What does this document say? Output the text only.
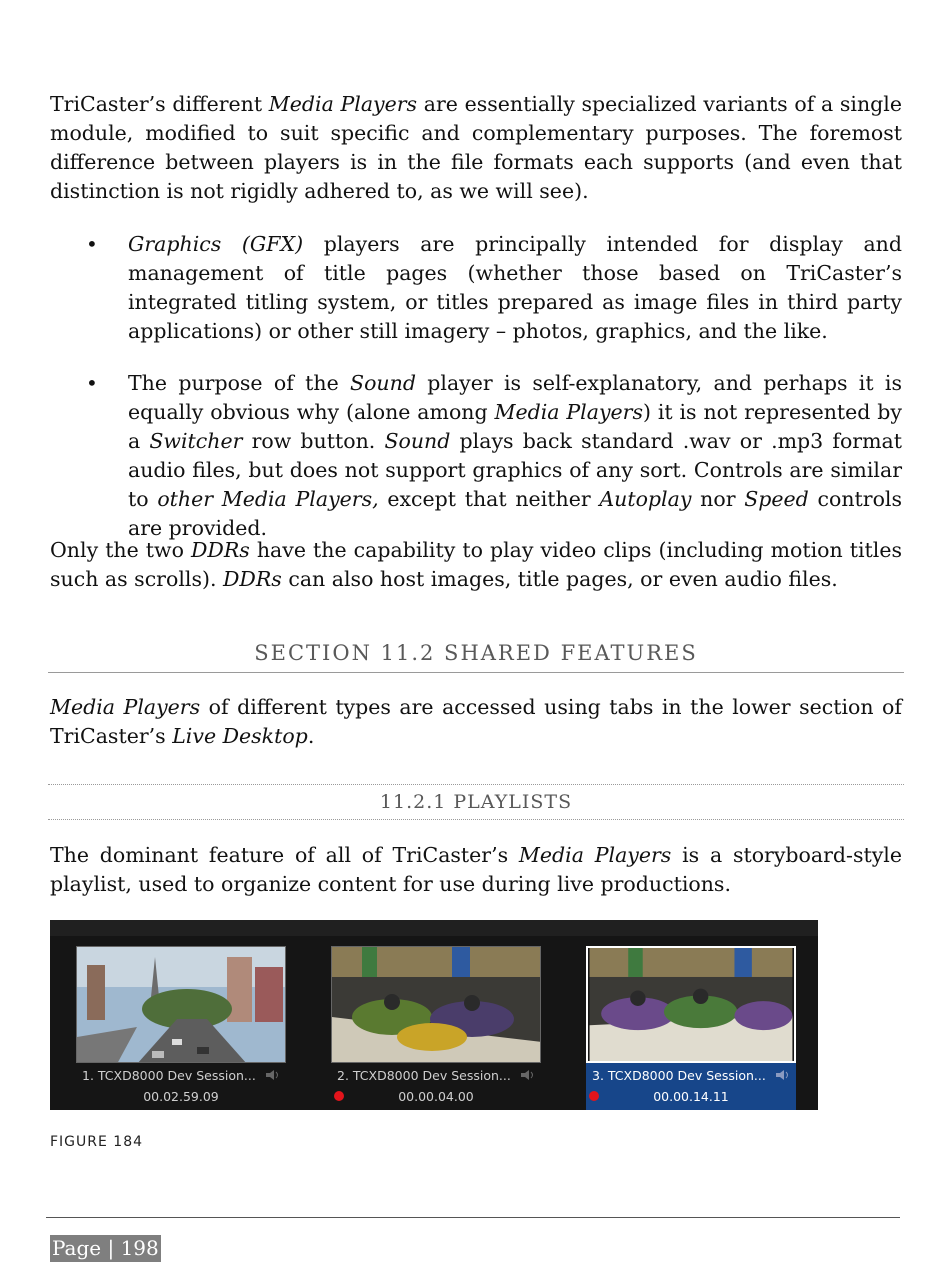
TriCaster’s different Media Players are essentially specialized variants of a single module, modified to suit specific and complementary purposes. The foremost difference between players is in the file formats each supports (and even that distinction is not rigidly adhered to, as we will see).

• Graphics (GFX) players are principally intended for display and management of title pages (whether those based on TriCaster’s integrated titling system, or titles prepared as image files in third party applications) or other still imagery – photos, graphics, and the like.
• The purpose of the Sound player is self-explanatory, and perhaps it is equally obvious why (alone among Media Players) it is not represented by a Switcher row button. Sound plays back standard .wav or .mp3 format audio files, but does not support graphics of any sort. Controls are similar to other Media Players, except that neither Autoplay nor Speed controls are provided.

Only the two DDRs have the capability to play video clips (including motion titles such as scrolls). DDRs can also host images, title pages, or even audio files.

SECTION 11.2 SHARED FEATURES

Media Players of different types are accessed using tabs in the lower section of TriCaster’s Live Desktop.

11.2.1 PLAYLISTS

The dominant feature of all of TriCaster’s Media Players is a storyboard-style playlist, used to organize content for use during live productions.

1. TCXD8000 Dev Session...
00.02.59.09
2. TCXD8000 Dev Session...
00.00.04.00
3. TCXD8000 Dev Session...
00.00.14.11
FIGURE 184
Page | 198
